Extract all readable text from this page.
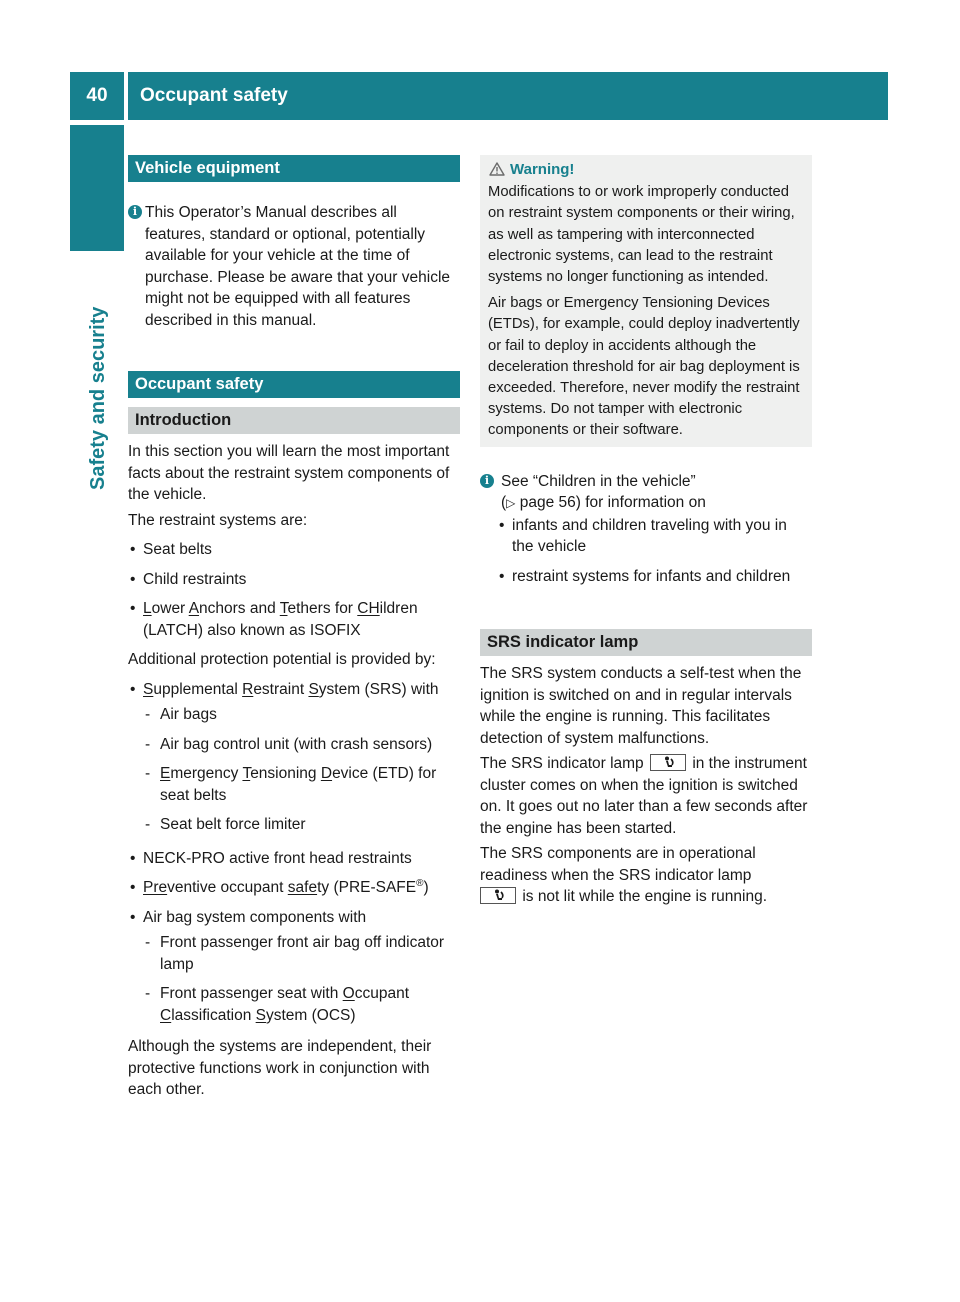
40	Occupant safety
Safety and security
Vehicle equipment
i This Operator’s Manual describes all features, standard or optional, potentially available for your vehicle at the time of purchase. Please be aware that your vehicle might not be equipped with all features described in this manual.
Occupant safety
Introduction

In this section you will learn the most important facts about the restraint system components of the vehicle.

The restraint systems are:

• Seat belts
• Child restraints
• Lower Anchors and Tethers for CHildren
(LATCH) also known as ISOFIX

Additional protection potential is provided by:

• Supplemental Restraint System (SRS) with
- Air bags
- Air bag control unit (with crash sensors)
- Emergency Tensioning Device (ETD) for
seat belts
- Seat belt force limiter
• NECK-PRO active front head restraints
• Preventive occupant safety (PRE-SAFE®)
• Air bag system components with
- Front passenger front air bag off indicator lamp
- Front passenger seat with Occupant
Classification System (OCS)

Although the systems are independent, their protective functions work in conjunction with each other.

Warning!

Modifications to or work improperly conducted on restraint system components or their wiring, as well as tampering with interconnected electronic systems, can lead to the restraint systems no longer functioning as intended.

Air bags or Emergency Tensioning Devices (ETDs), for example, could deploy inadvertently or fail to deploy in accidents although the deceleration threshold for air bag deployment is exceeded. Therefore, never modify the restraint systems. Do not tamper with electronic components or their software.

i See “Children in the vehicle”
(▷ page 56) for information on
• infants and children traveling with you in the vehicle
• restraint systems for infants and children
SRS indicator lamp

The SRS system conducts a self-test when the ignition is switched on and in regular intervals while the engine is running. This facilitates detection of system malfunctions.

The SRS indicator lamp	in the instrument cluster comes on when the ignition is switched on. It goes out no later than a few seconds after the engine has been started.

The SRS components are in operational readiness when the SRS indicator lamp

is not lit while the engine is running.
